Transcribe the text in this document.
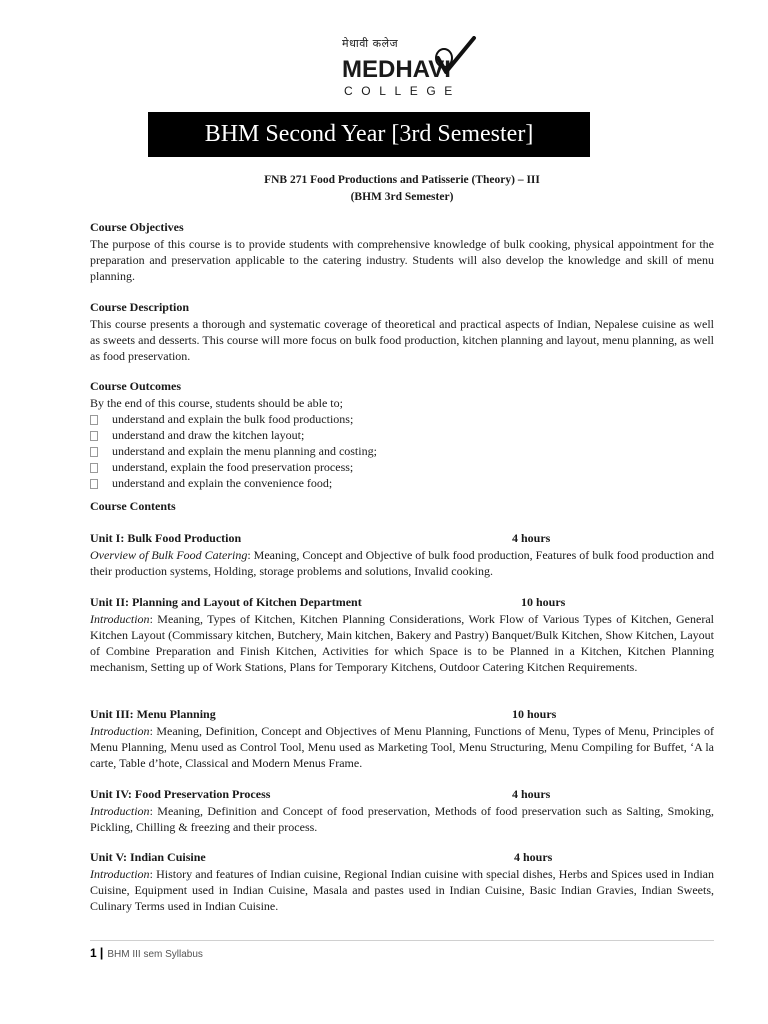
मेधावी कलेज
MEDHAVI
COLLEGE
BHM Second Year [3rd Semester]
FNB 271 Food Productions and Patisserie (Theory) – III
(BHM 3rd Semester)
Course Objectives
The purpose of this course is to provide students with comprehensive knowledge of bulk cooking, physical appointment for the preparation and preservation applicable to the catering industry. Students will also develop the knowledge and skill of menu planning.
Course Description
This course presents a thorough and systematic coverage of theoretical and practical aspects of Indian, Nepalese cuisine as well as sweets and desserts. This course will more focus on bulk food production, kitchen planning and layout, menu planning, as well as food preservation.
Course Outcomes
By the end of this course, students should be able to;
understand and explain the bulk food productions;
understand and draw the kitchen layout;
understand and explain the menu planning and costing;
understand, explain the food preservation process;
understand and explain the convenience food;
Course Contents
Unit I: Bulk Food Production	4 hours
Overview of Bulk Food Catering: Meaning, Concept and Objective of bulk food production, Features of bulk food production and their production systems, Holding, storage problems and solutions, Invalid cooking.
Unit II: Planning and Layout of Kitchen Department	10 hours
Introduction: Meaning, Types of Kitchen, Kitchen Planning Considerations, Work Flow of Various Types of Kitchen, General Kitchen Layout (Commissary kitchen, Butchery, Main kitchen, Bakery and Pastry) Banquet/Bulk Kitchen, Show Kitchen, Layout of Combine Preparation and Finish Kitchen, Activities for which Space is to be Planned in a Kitchen, Kitchen Planning mechanism, Setting up of Work Stations, Plans for Temporary Kitchens, Outdoor Catering Kitchen Requirements.
Unit III: Menu Planning	10 hours
Introduction: Meaning, Definition, Concept and Objectives of Menu Planning, Functions of Menu, Types of Menu, Principles of Menu Planning, Menu used as Control Tool, Menu used as Marketing Tool, Menu Structuring, Menu Compiling for Buffet, ‘A la carte, Table d’hote, Classical and Modern Menus Frame.
Unit IV: Food Preservation Process	4 hours
Introduction: Meaning, Definition and Concept of food preservation, Methods of food preservation such as Salting, Smoking, Pickling, Chilling & freezing and their process.
Unit V: Indian Cuisine	4 hours
Introduction: History and features of Indian cuisine, Regional Indian cuisine with special dishes, Herbs and Spices used in Indian Cuisine, Equipment used in Indian Cuisine, Masala and pastes used in Indian Cuisine, Basic Indian Gravies, Indian Sweets, Culinary Terms used in Indian Cuisine.
1 | BHM III sem Syllabus
